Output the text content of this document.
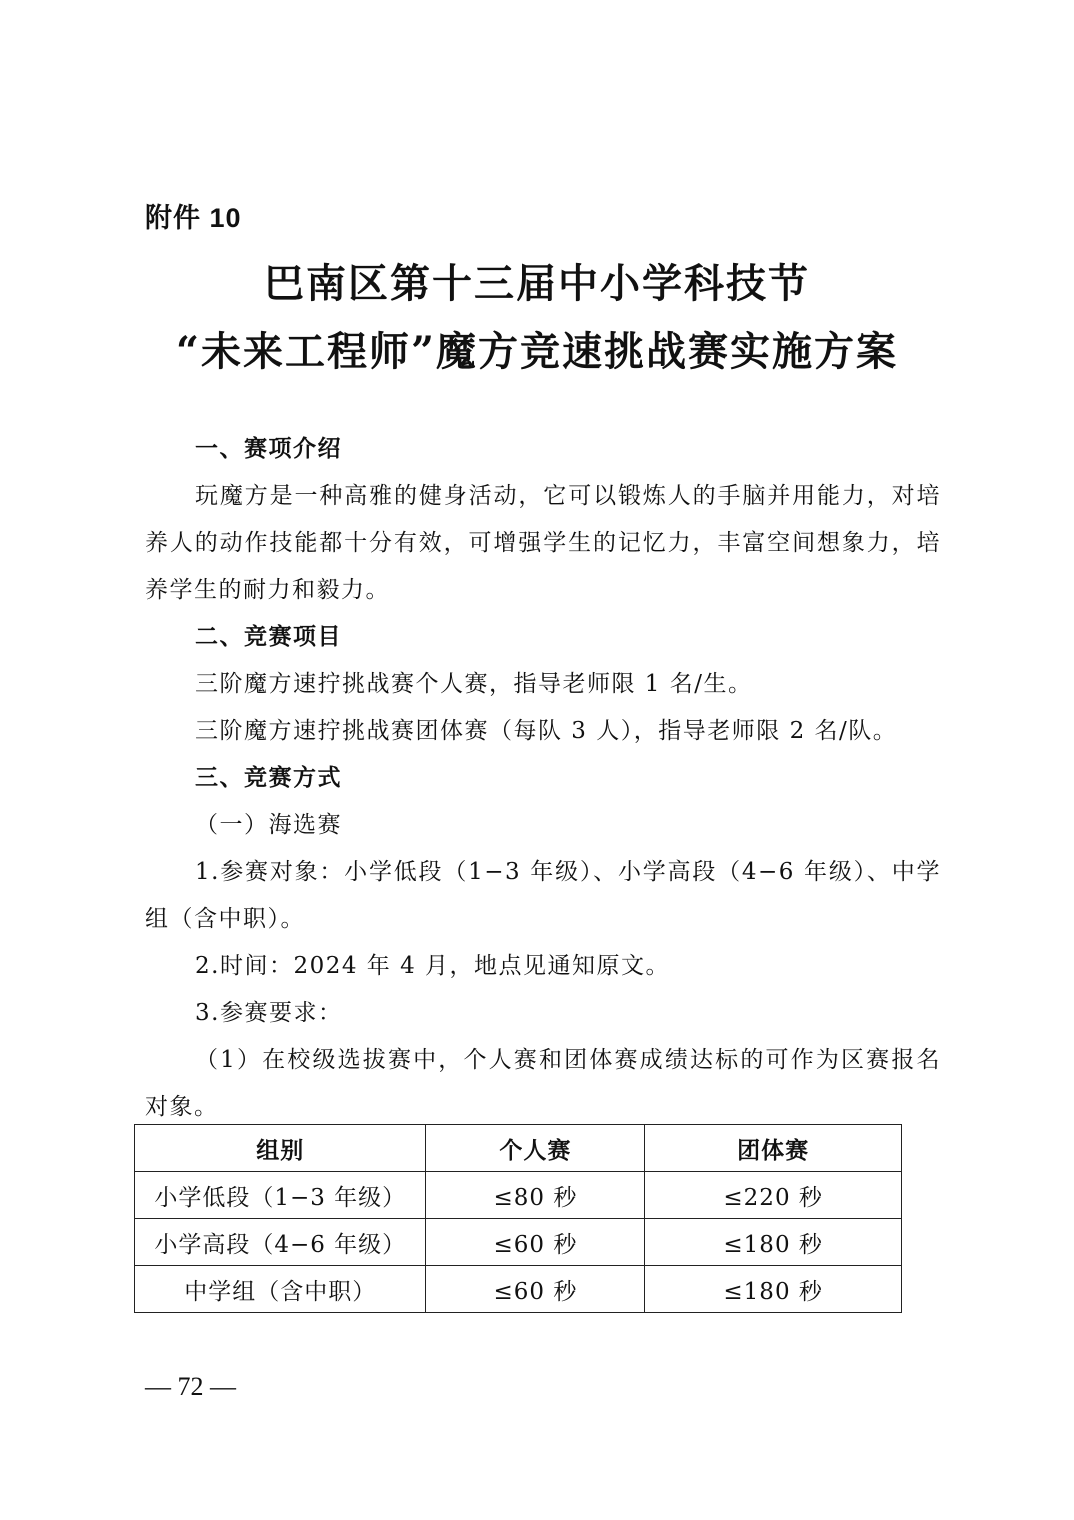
附件 10
巴南区第十三届中小学科技节
“未来工程师”魔方竞速挑战赛实施方案
一、赛项介绍
玩魔方是一种高雅的健身活动，它可以锻炼人的手脑并用能力，对培养人的动作技能都十分有效，可增强学生的记忆力，丰富空间想象力，培养学生的耐力和毅力。
二、竞赛项目
三阶魔方速拧挑战赛个人赛，指导老师限 1 名/生。
三阶魔方速拧挑战赛团体赛（每队 3 人），指导老师限 2 名/队。
三、竞赛方式
（一）海选赛
1.参赛对象：小学低段（1−3 年级）、小学高段（4−6 年级）、中学组（含中职）。
2.时间：2024 年 4 月，地点见通知原文。
3.参赛要求：
（1）在校级选拔赛中，个人赛和团体赛成绩达标的可作为区赛报名对象。
组别	个人赛	团体赛
小学低段（1−3 年级）	≤80 秒	≤220 秒
小学高段（4−6 年级）	≤60 秒	≤180 秒
中学组（含中职）	≤60 秒	≤180 秒
— 72 —
